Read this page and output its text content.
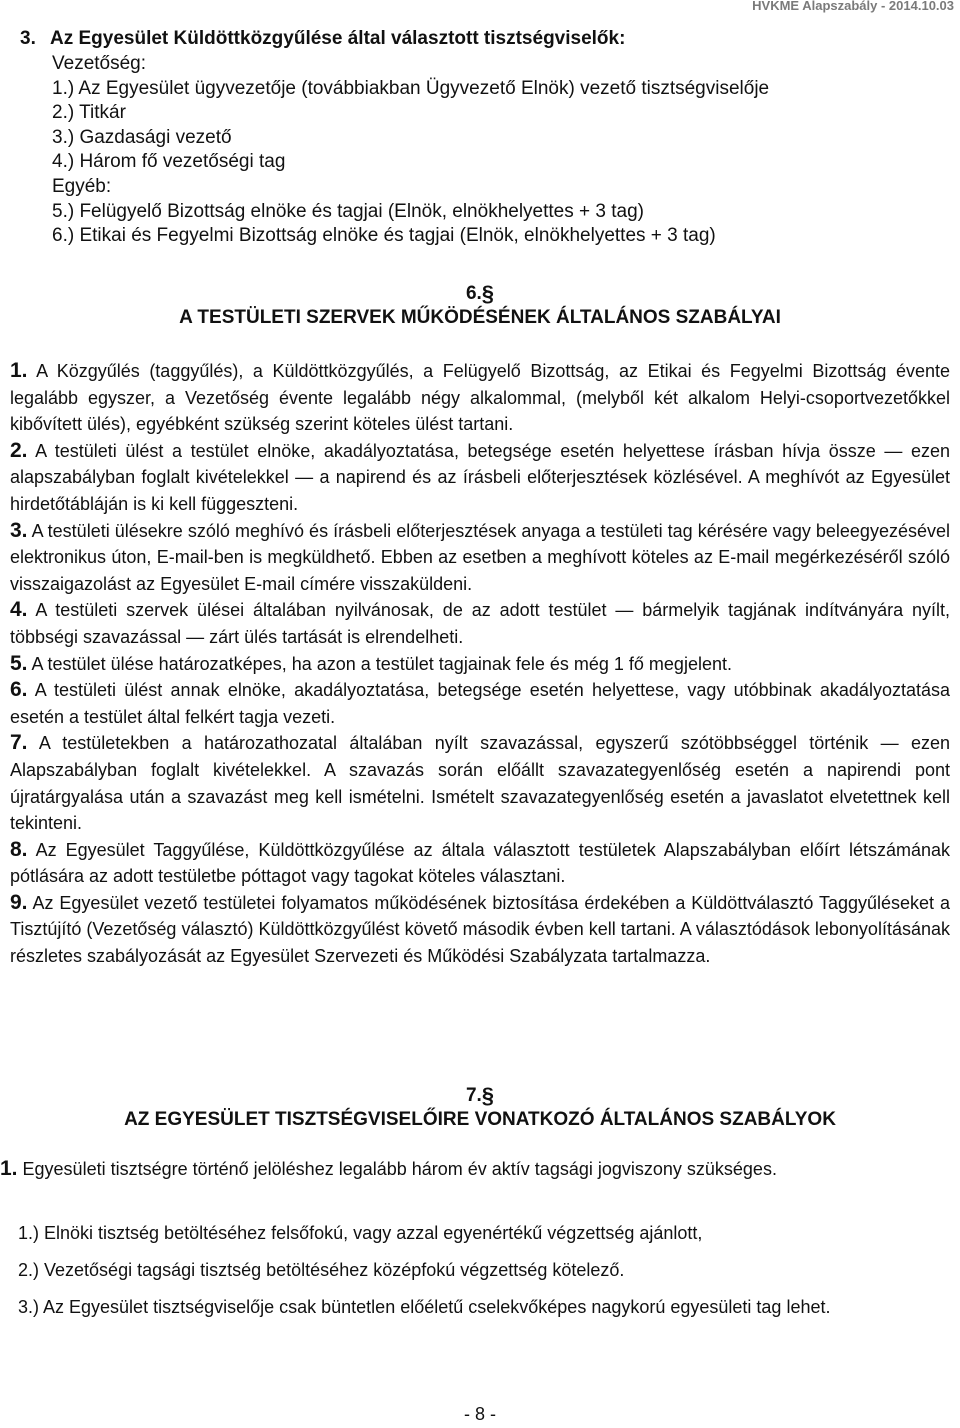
HVKME Alapszabály - 2014.10.03
3. Az Egyesület Küldöttközgyűlése által választott tisztségviselők:
Vezetőség:
1.) Az Egyesület ügyvezetője (továbbiakban Ügyvezető Elnök) vezető tisztségviselője
2.) Titkár
3.) Gazdasági vezető
4.) Három fő vezetőségi tag
Egyéb:
5.) Felügyelő Bizottság elnöke és tagjai (Elnök, elnökhelyettes + 3 tag)
6.) Etikai és Fegyelmi Bizottság elnöke és tagjai (Elnök, elnökhelyettes + 3 tag)
6.§
A TESTÜLETI SZERVEK MŰKÖDÉSÉNEK ÁLTALÁNOS SZABÁLYAI

1. A Közgyűlés (taggyűlés), a Küldöttközgyűlés, a Felügyelő Bizottság, az Etikai és Fegyelmi Bizottság évente legalább egyszer, a Vezetőség évente legalább négy alkalommal, (melyből két alkalom Helyi-csoportvezetőkkel kibővített ülés), egyébként szükség szerint köteles ülést tartani.

2. A testületi ülést a testület elnöke, akadályoztatása, betegsége esetén helyettese írásban hívja össze — ezen alapszabályban foglalt kivételekkel — a napirend és az írásbeli előterjesztések közlésével. A meghívót az Egyesület hirdetőtábláján is ki kell függeszteni.

3. A testületi ülésekre szóló meghívó és írásbeli előterjesztések anyaga a testületi tag kérésére vagy beleegyezésével elektronikus úton, E-mail-ben is megküldhető. Ebben az esetben a meghívott köteles az E-mail megérkezéséről szóló visszaigazolást az Egyesület E-mail címére visszaküldeni.

4. A testületi szervek ülései általában nyilvánosak, de az adott testület — bármelyik tagjának indítványára nyílt, többségi szavazással — zárt ülés tartását is elrendelheti.

5. A testület ülése határozatképes, ha azon a testület tagjainak fele és még 1 fő megjelent.

6. A testületi ülést annak elnöke, akadályoztatása, betegsége esetén helyettese, vagy utóbbinak akadályoztatása esetén a testület által felkért tagja vezeti.

7. A testületekben a határozathozatal általában nyílt szavazással, egyszerű szótöbbséggel történik — ezen Alapszabályban foglalt kivételekkel. A szavazás során előállt szavazategyenlőség esetén a napirendi pont újratárgyalása után a szavazást meg kell ismételni. Ismételt szavazategyenlőség esetén a javaslatot elvetettnek kell tekinteni.

8. Az Egyesület Taggyűlése, Küldöttközgyűlése az általa választott testületek Alapszabályban előírt létszámának pótlására az adott testületbe póttagot vagy tagokat köteles választani.

9. Az Egyesület vezető testületei folyamatos működésének biztosítása érdekében a Küldöttválasztó Taggyűléseket a Tisztújító (Vezetőség választó) Küldöttközgyűlést követő második évben kell tartani. A választódások lebonyolításának részletes szabályozását az Egyesület Szervezeti és Működési Szabályzata tartalmazza.

7.§
AZ EGYESÜLET TISZTSÉGVISELŐIRE VONATKOZÓ ÁLTALÁNOS SZABÁLYOK

1. Egyesületi tisztségre történő jelöléshez legalább három év aktív tagsági jogviszony szükséges.

1.) Elnöki tisztség betöltéséhez felsőfokú, vagy azzal egyenértékű végzettség ajánlott,
2.) Vezetőségi tagsági tisztség betöltéséhez középfokú végzettség kötelező.
3.) Az Egyesület tisztségviselője csak büntetlen előéletű cselekvőképes nagykorú egyesületi tag lehet.
- 8 -
